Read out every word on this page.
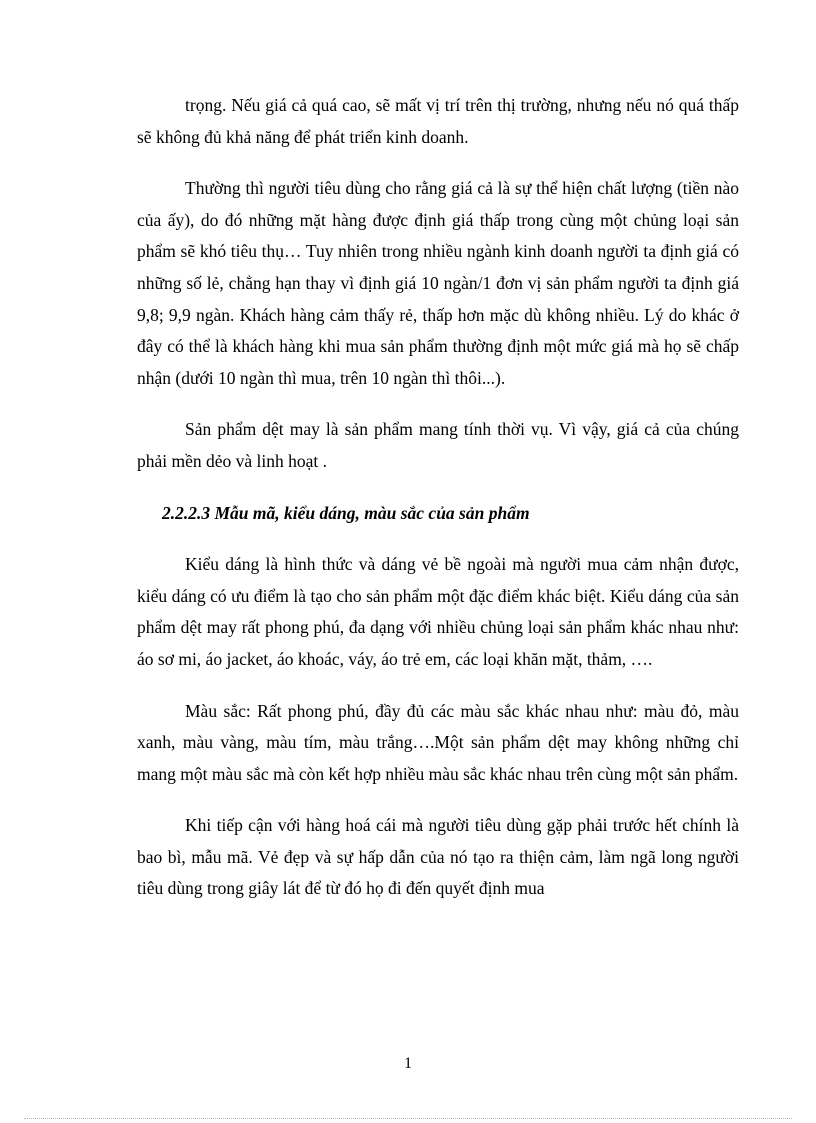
trọng. Nếu giá cả quá cao, sẽ mất vị trí trên thị trường, nhưng nếu nó quá thấp sẽ không đủ khả năng để phát triển kinh doanh.

Thường thì người tiêu dùng cho rằng giá cả là sự thể hiện chất lượng (tiền nào của ấy), do đó những mặt hàng được định giá thấp trong cùng một chủng loại sản phẩm sẽ khó tiêu thụ… Tuy nhiên trong nhiều ngành kinh doanh người ta định giá có những số lẻ, chẳng hạn thay vì định giá 10 ngàn/1 đơn vị sản phẩm người ta định giá 9,8; 9,9 ngàn. Khách hàng cảm thấy rẻ, thấp hơn mặc dù không nhiều. Lý do khác ở đây có thể là khách hàng khi mua sản phẩm thường định một mức giá mà họ sẽ chấp nhận (dưới 10 ngàn thì mua, trên 10 ngàn thì thôi...).

Sản phẩm dệt may là sản phẩm mang tính thời vụ. Vì vậy, giá cả của chúng phải mền dẻo và linh hoạt .

2.2.2.3 Mẫu mã, kiểu dáng, màu sắc của sản phẩm

Kiểu dáng là hình thức và dáng vẻ bề ngoài mà người mua cảm nhận được, kiểu dáng có ưu điểm là tạo cho sản phẩm một đặc điểm khác biệt. Kiểu dáng của sản phẩm dệt may rất phong phú, đa dạng với nhiều chủng loại sản phẩm khác nhau như: áo sơ mi, áo jacket, áo khoác, váy, áo trẻ em, các loại khăn mặt, thảm, ….

Màu sắc: Rất phong phú, đầy đủ các màu sắc khác nhau như: màu đỏ, màu xanh, màu vàng, màu tím, màu trắng….Một sản phẩm dệt may không những chỉ mang một màu sắc mà còn kết hợp nhiều màu sắc khác nhau trên cùng một sản phẩm.

Khi tiếp cận với hàng hoá cái mà người tiêu dùng gặp phải trước hết chính là bao bì, mẫu mã. Vẻ đẹp và sự hấp dẫn của nó tạo ra thiện cảm, làm ngã long người tiêu dùng trong giây lát để từ đó họ đi đến quyết định mua

1
